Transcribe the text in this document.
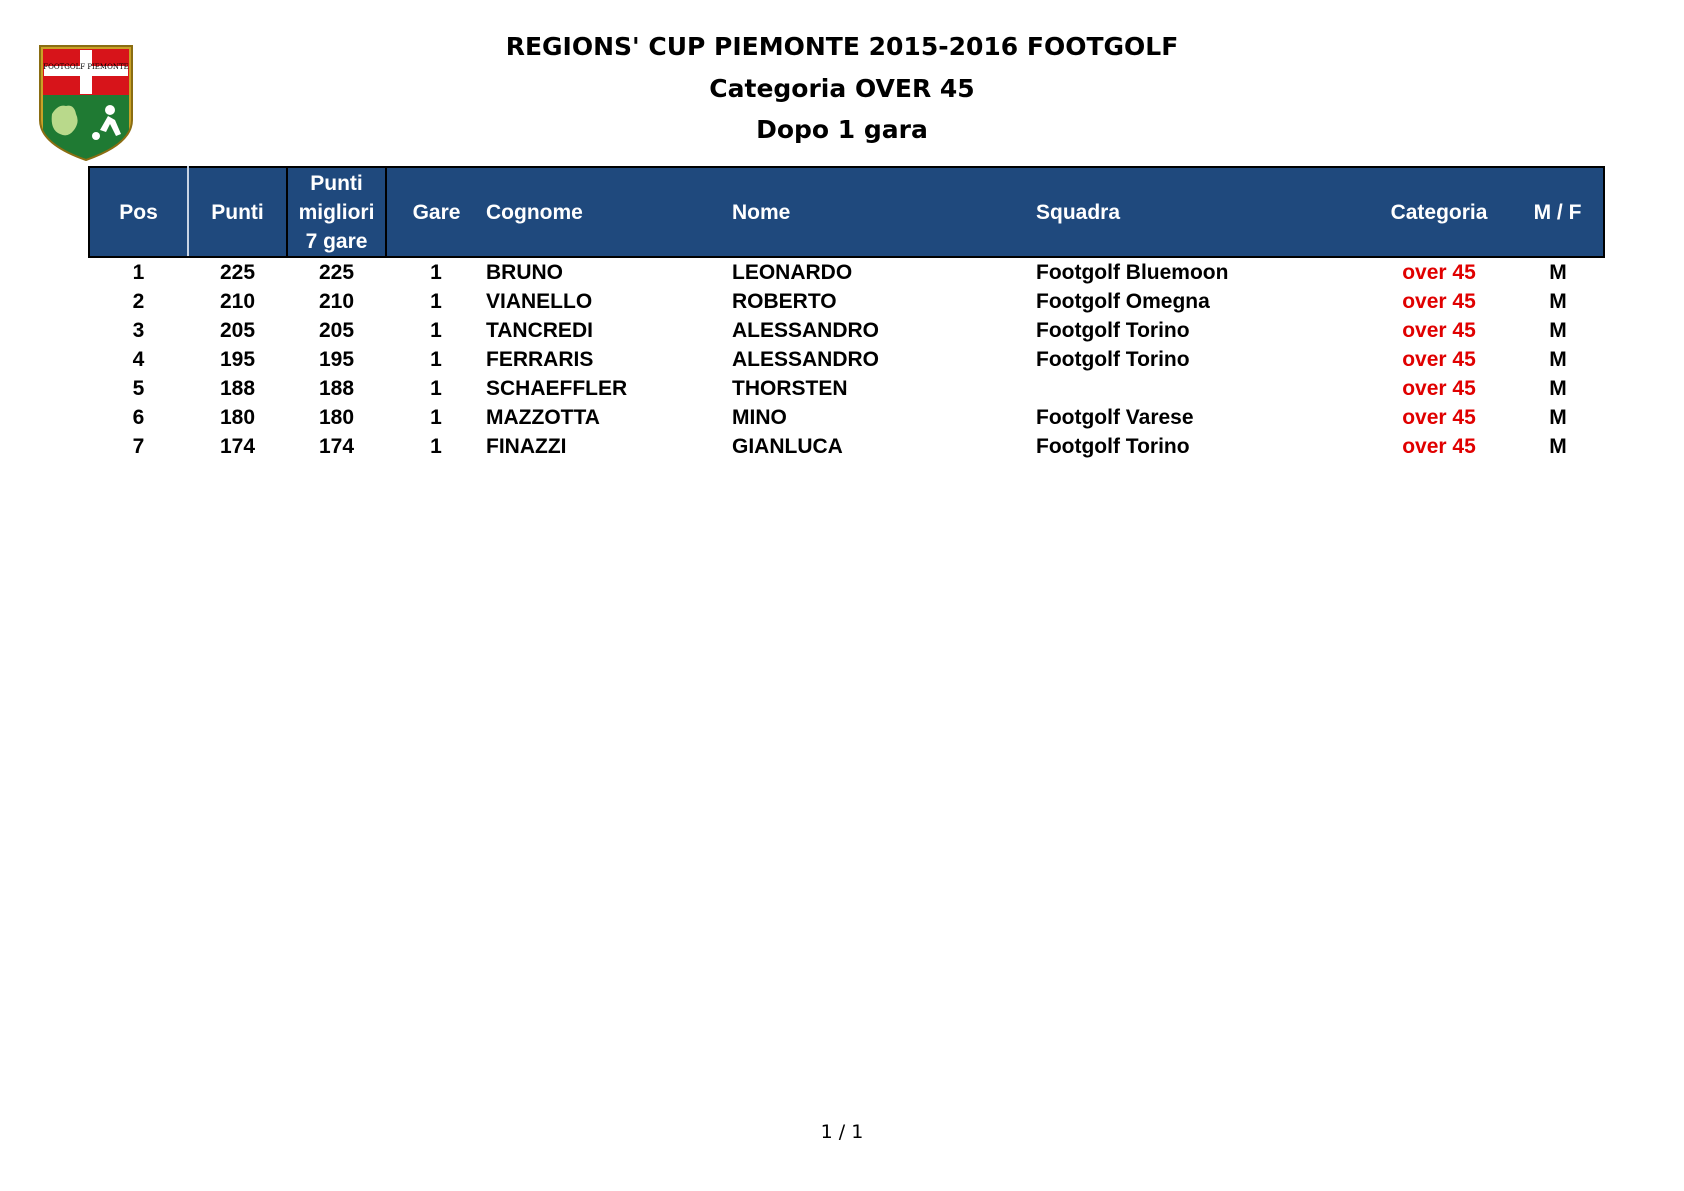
FOOTGOLF PIEMONTE
REGIONS' CUP PIEMONTE 2015-2016 FOOTGOLF
Categoria OVER 45
Dopo 1 gara
Pos	Punti	Punti
migliori
7 gare	Gare	Cognome	Nome	Squadra	Categoria	M / F
1	225	225	1	BRUNO	LEONARDO	Footgolf Bluemoon	over 45	M
2	210	210	1	VIANELLO	ROBERTO	Footgolf Omegna	over 45	M
3	205	205	1	TANCREDI	ALESSANDRO	Footgolf Torino	over 45	M
4	195	195	1	FERRARIS	ALESSANDRO	Footgolf Torino	over 45	M
5	188	188	1	SCHAEFFLER	THORSTEN		over 45	M
6	180	180	1	MAZZOTTA	MINO	Footgolf Varese	over 45	M
7	174	174	1	FINAZZI	GIANLUCA	Footgolf Torino	over 45	M
1 / 1
